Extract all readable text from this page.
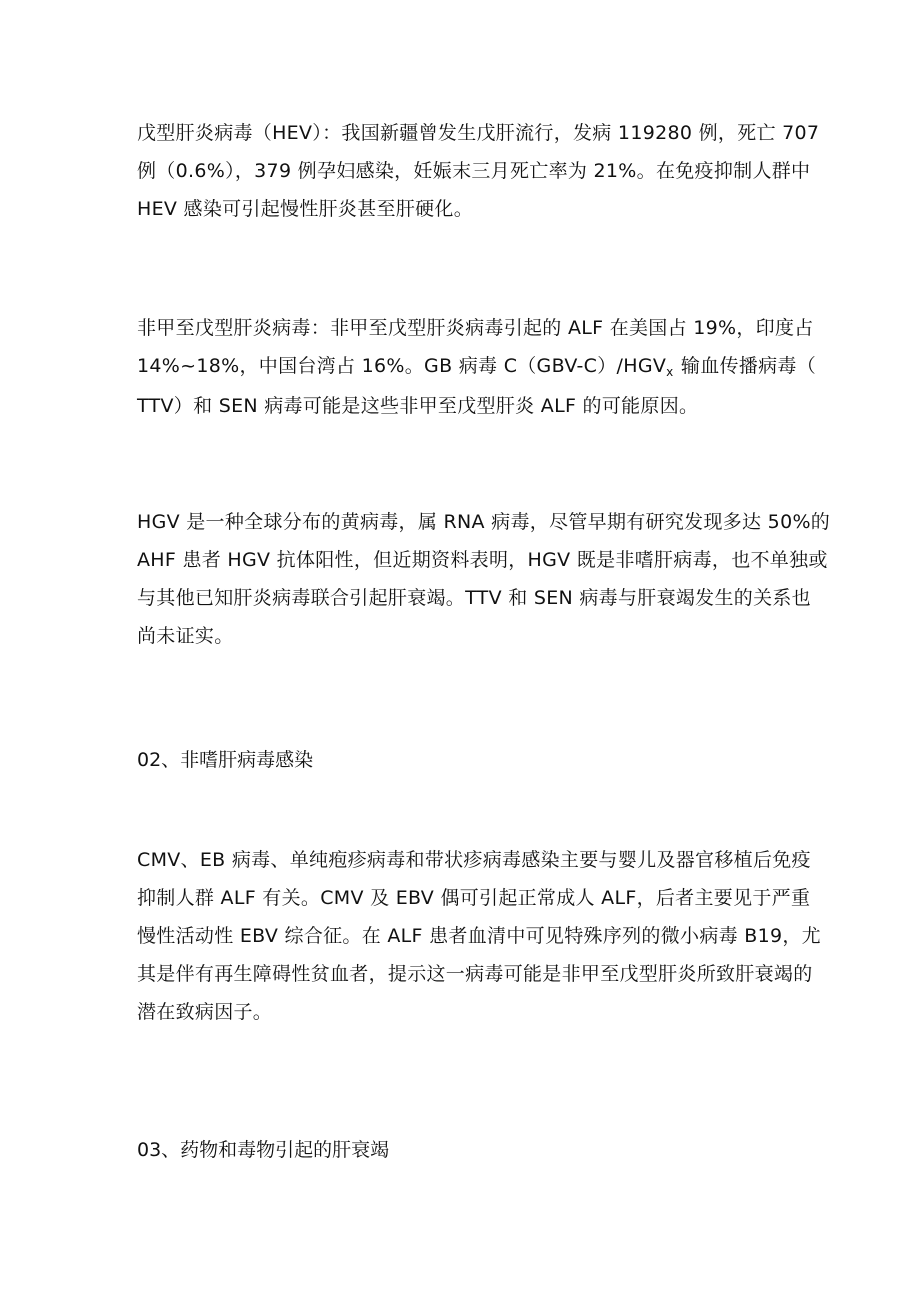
戊型肝炎病毒（HEV）：我国新疆曾发生戊肝流行，发病 119280 例，死亡 707
例（0.6%），379 例孕妇感染，妊娠末三月死亡率为 21%。在免疫抑制人群中
HEV 感染可引起慢性肝炎甚至肝硬化。

非甲至戊型肝炎病毒：非甲至戊型肝炎病毒引起的 ALF 在美国占 19%，印度占
14%~18%，中国台湾占 16%。GB 病毒 $C(GBV-C)/HGV_x$ 输血传播病毒（
TTV）和 SEN 病毒可能是这些非甲至戊型肝炎 ALF 的可能原因。

HGV 是一种全球分布的黄病毒，属 RNA 病毒，尽管早期有研究发现多达 50%的
AHF 患者 HGV 抗体阳性，但近期资料表明，HGV 既是非嗜肝病毒，也不单独或
与其他已知肝炎病毒联合引起肝衰竭。TTV 和 SEN 病毒与肝衰竭发生的关系也
尚未证实。

02、非嗜肝病毒感染

CMV、EB 病毒、单纯疱疹病毒和带状疹病毒感染主要与婴儿及器官移植后免疫
抑制人群 ALF 有关。CMV 及 EBV 偶可引起正常成人 ALF，后者主要见于严重
慢性活动性 EBV 综合征。在 ALF 患者血清中可见特殊序列的微小病毒 B19，尤
其是伴有再生障碍性贫血者，提示这一病毒可能是非甲至戊型肝炎所致肝衰竭的
潜在致病因子。

03、药物和毒物引起的肝衰竭
